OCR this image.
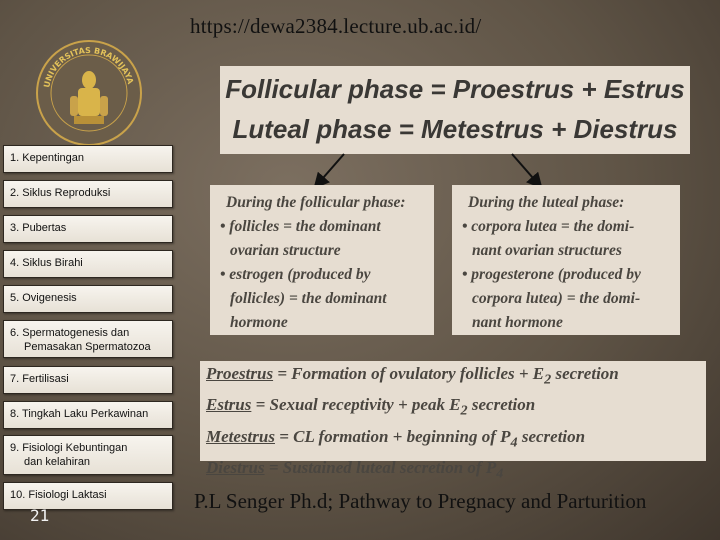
https://dewa2384.lecture.ub.ac.id/
UNIVERSITAS BRAWIJAYA
1. Kepentingan
2. Siklus Reproduksi
3. Pubertas
4. Siklus Birahi
5. Ovigenesis
6. Spermatogenesis dan
Pemasakan Spermatozoa
7. Fertilisasi
8. Tingkah Laku Perkawinan
9. Fisiologi Kebuntingan
dan kelahiran
10. Fisiologi Laktasi
21
Follicular phase = Proestrus + Estrus
Luteal phase = Metestrus + Diestrus
During the follicular phase:
• follicles = the dominant
ovarian structure
• estrogen (produced by
follicles) = the dominant
hormone
During the luteal phase:
• corpora lutea = the domi-
nant ovarian structures
• progesterone (produced by
corpora lutea) = the domi-
nant hormone
Proestrus = Formation of ovulatory follicles + $E_2$ secretion
Estrus = Sexual receptivity + peak $E_2$ secretion
Metestrus = CL formation + beginning of $P_4$ secretion
Diestrus = Sustained luteal secretion of $P_4$
P.L Senger Ph.d; Pathway to Pregnacy and Parturition
